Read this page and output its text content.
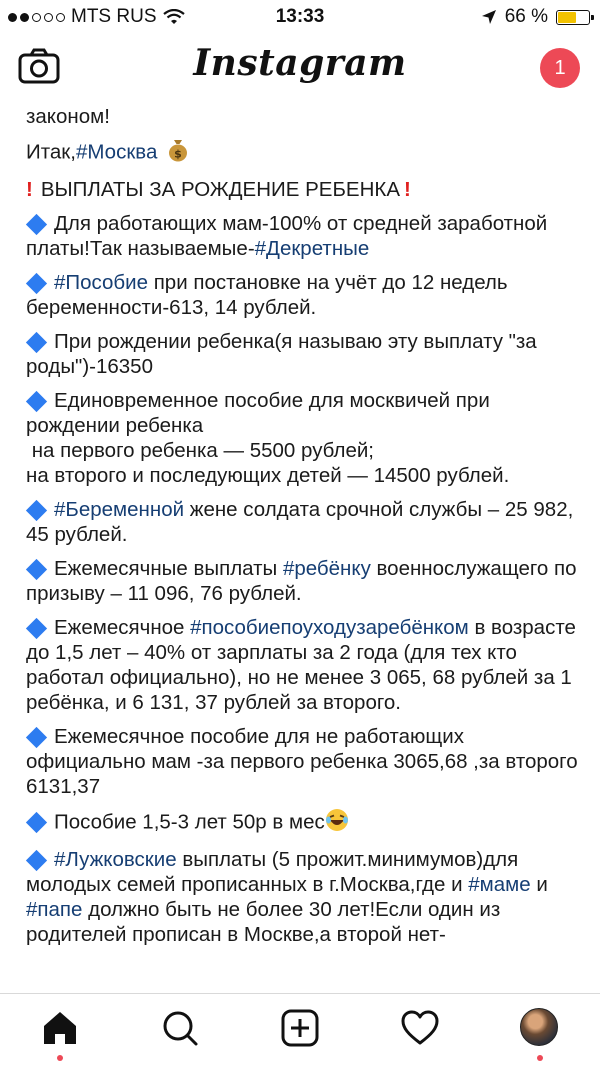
MTS RUS	13:33	66 %
Instagram	1

законом!

Итак,#Москва $

! ВЫПЛАТЫ ЗА РОЖДЕНИЕ РЕБЕНКА !

Для работающих мам-100% от средней заработной платы!Так называемые-#Декретные

#Пособие при постановке на учёт до 12 недель беременности-613, 14 рублей.

При рождении ребенка(я называю эту выплату "за роды")-16350

Единовременное пособие для москвичей при рождении ребенка

на первого ребенка — 5500 рублей;

на второго и последующих детей — 14500 рублей.

#Беременной жене солдата срочной службы – 25 982, 45 рублей.

Ежемесячные выплаты #ребёнку военнослужащего по призыву – 11 096, 76 рублей.

Ежемесячное #пособиепоуходузаребёнком в возрасте до 1,5 лет – 40% от зарплаты за 2 года (для тех кто работал официально), но не менее 3 065, 68 рублей за 1 ребёнка, и 6 131, 37 рублей за второго.

Ежемесячное пособие для не работающих официально мам -за первого ребенка 3065,68 ,за второго 6131,37

Пособие 1,5-3 лет 50р в мес

#Лужковские выплаты (5 прожит.минимумов)для молодых семей прописанных в г.Москва,где и #маме и #папе должно быть не более 30 лет!Если один из родителей прописан в Москве,а второй нет-
